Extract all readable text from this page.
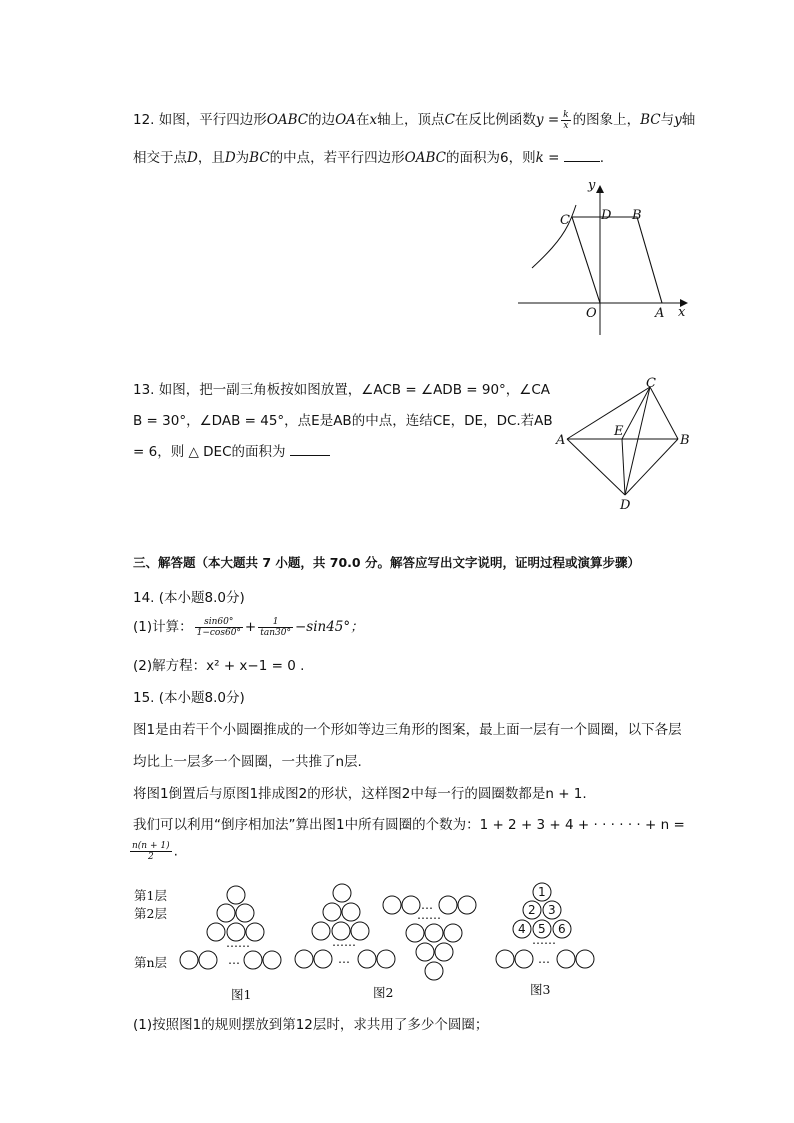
12. 如图，平行四边形OABC的边OA在x轴上，顶点C在反比例函数$y = \frac{k}{x}$ 的图象上，BC与y轴
相交于点D，且D为BC的中点，若平行四边形OABC的面积为6，则k =	.
y
C D B
O	A x
13. 如图，把一副三角板按如图放置，∠ACB = ∠ADB = 90°，∠CA
B = 30°，∠DAB = 45°，点E是AB的中点，连结CE，DE，DC.若AB
= 6，则 △ DEC的面积为
C
A
E
B
D
三、解答题（本大题共 7 小题，共 70.0 分。解答应写出文字说明，证明过程或演算步骤）
14. (本小题8.0分)
(1)计算： $\frac{\sin 60^\circ}{1-\cos 60^\circ} + \frac{1}{\tan 30^\circ} -\sin 45^\circ$；
(2)解方程：x² + x−1 = 0 .
15. (本小题8.0分)
图1是由若干个小圆圈推成的一个形如等边三角形的图案，最上面一层有一个圆圈，以下各层
均比上一层多一个圆圈，一共推了n层.
将图1倒置后与原图1排成图2的形状，这样图2中每一行的圆圈数都是n + 1.
我们可以利用“倒序相加法”算出图1中所有圆圈的个数为：1 + 2 + 3 + 4 + · · · · · · + n =
$\frac{n(n + 1)}{2}$ .
第1层
第2层
第n层
……
…
……
…
……
…
……
…
1
2 3
4 5 6
图1	图2	图3
(1)按照图1的规则摆放到第12层时，求共用了多少个圆圈；
